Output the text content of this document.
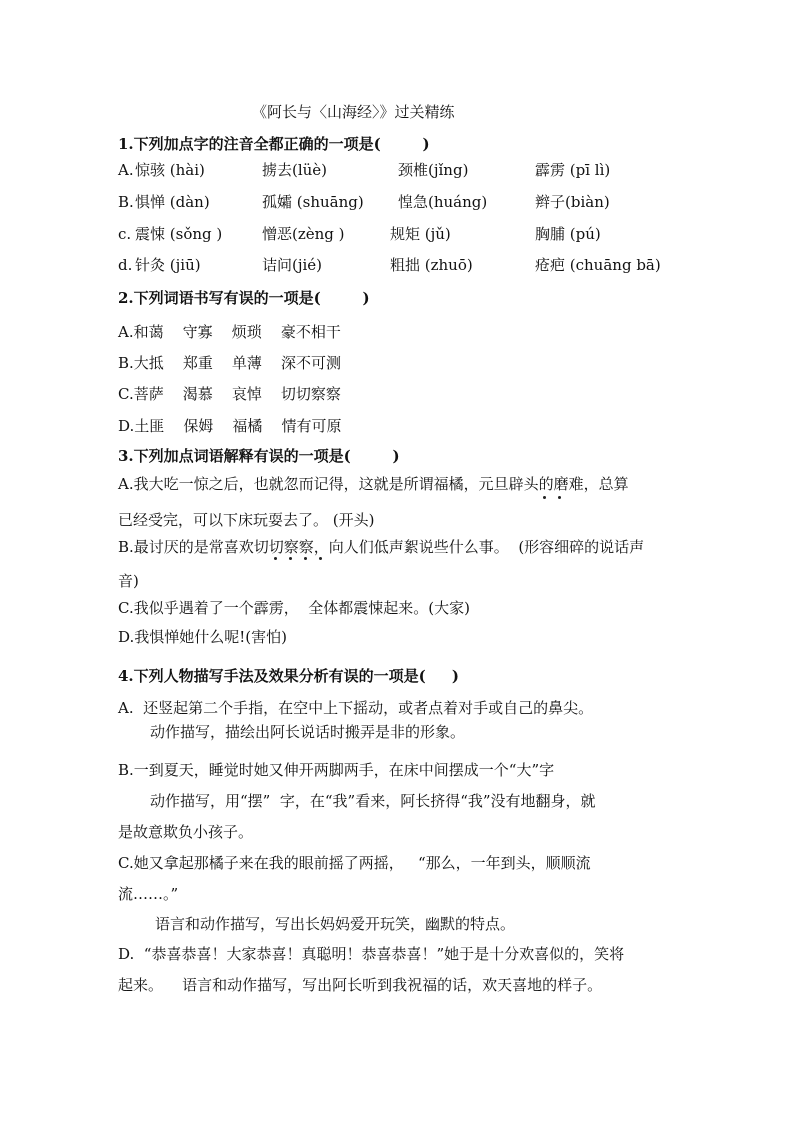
《阿长与〈山海经〉》过关精练
1.下列加点字的注音全都正确的一项是(        )
A. 惊骇 (hài)	掳去(lüè)	颈椎(jǐng)	霹雳 (pī lì)
B. 惧惮 (dàn)	孤孀 (shuāng) 惶急(huáng)	辫子(biàn)
c. 震悚 (sǒng )	憎恶(zèng )	规矩 (jǔ)	胸脯 (pú)
d. 针灸 (jiū)	诘问(jié)	粗拙 (zhuō)	疮疤 (chuāng bā)
2.下列词语书写有误的一项是(        )
A.和蔼    守寡    烦琐    豪不相干
B.大抵    郑重    单薄    深不可测
C.菩萨    渴慕    哀悼    切切察察
D.土匪    保姆    福橘    情有可原
3.下列加点词语解释有误的一项是(        )
A.我大吃一惊之后，也就忽而记得，这就是所谓福橘，元旦辟头的磨难，总算
已经受完，可以下床玩耍去了。 (开头)
B.最讨厌的是常喜欢切切察察，向人们低声絮说些什么事。  (形容细碎的说话声
音)
C.我似乎遇着了一个霹雳，  全体都震悚起来。(大家)
D.我惧惮她什么呢!(害怕)
4.下列人物描写手法及效果分析有误的一项是(     )
A.  还竖起第二个手指，在空中上下摇动，或者点着对手或自己的鼻尖。
动作描写，描绘出阿长说话时搬弄是非的形象。
B.一到夏天，睡觉时她又伸开两脚两手，在床中间摆成一个“大”字
动作描写，用“摆”  字，在“我”看来，阿长挤得“我”没有地翻身，就
是故意欺负小孩子。
C.她又拿起那橘子来在我的眼前摇了两摇，   “那么，一年到头，顺顺流
流……。”
语言和动作描写，写出长妈妈爱开玩笑，幽默的特点。
D.  “恭喜恭喜！大家恭喜！真聪明！恭喜恭喜！”她于是十分欢喜似的，笑将
起来。    语言和动作描写，写出阿长听到我祝福的话，欢天喜地的样子。
